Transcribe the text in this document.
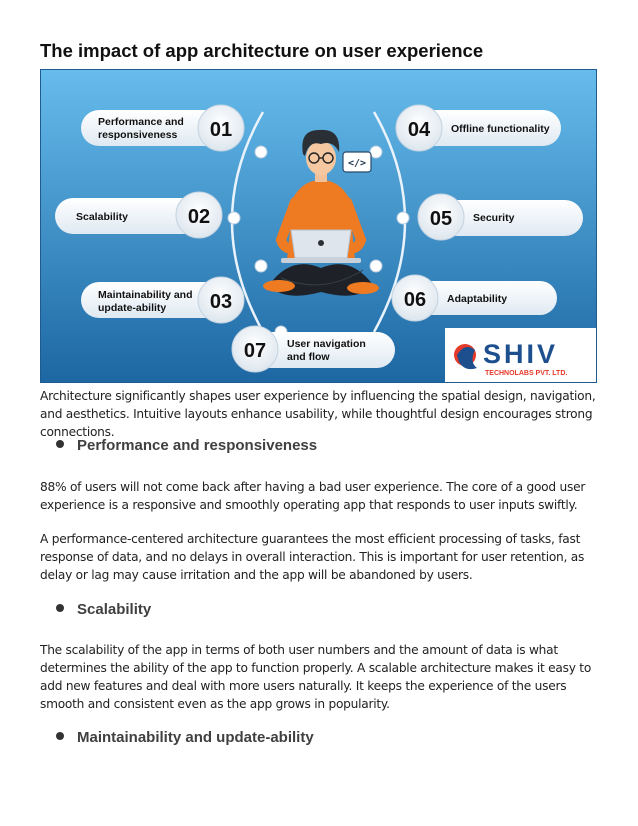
The impact of app architecture on user experience
Performance and
responsiveness 01
Scalability	02
Maintainability and
update-ability 03
04 Offline functionality
05 Security
06 Adaptability
07 User navigation
and flow
</>
SHIV
TECHNOLABS PVT. LTD.

Architecture significantly shapes user experience by influencing the spatial design, navigation, and aesthetics. Intuitive layouts enhance usability, while thoughtful design encourages strong connections.

Performance and responsiveness

88% of users will not come back after having a bad user experience. The core of a good user experience is a responsive and smoothly operating app that responds to user inputs swiftly.

A performance-centered architecture guarantees the most efficient processing of tasks, fast response of data, and no delays in overall interaction. This is important for user retention, as delay or lag may cause irritation and the app will be abandoned by users.

Scalability

The scalability of the app in terms of both user numbers and the amount of data is what determines the ability of the app to function properly. A scalable architecture makes it easy to add new features and deal with more users naturally. It keeps the experience of the users smooth and consistent even as the app grows in popularity.

Maintainability and update-ability
